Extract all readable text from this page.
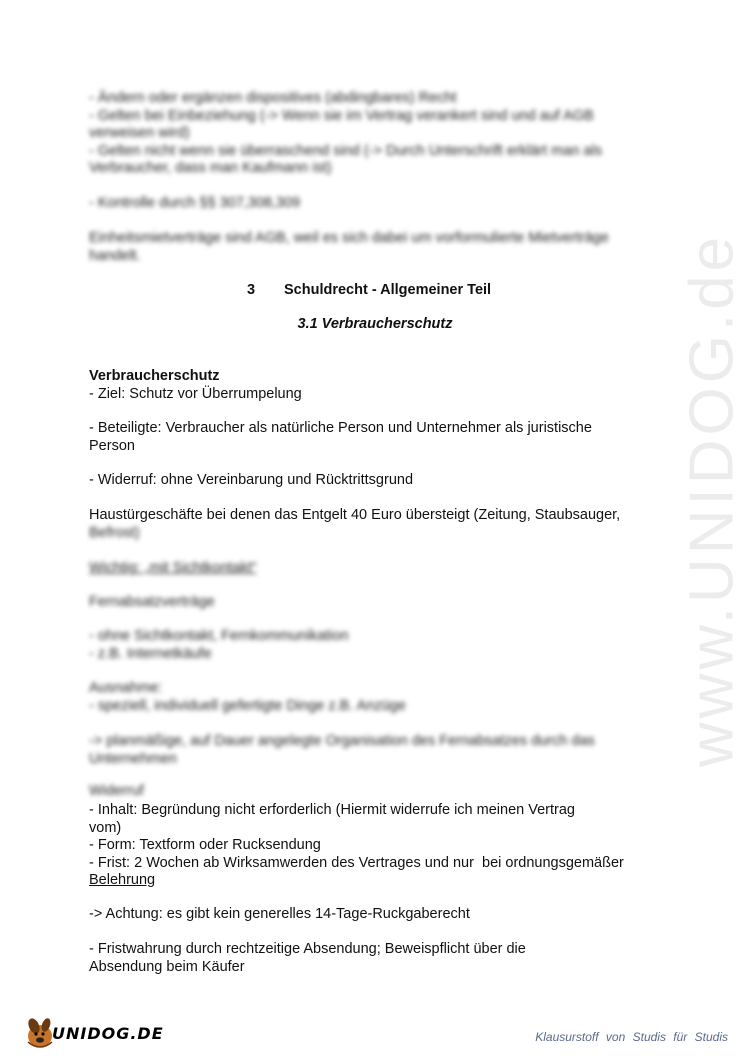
www.UNIDOG.de

- Ändern oder ergänzen dispositives (abdingbares) Recht

- Gelten bei Einbeziehung (-> Wenn sie im Vertrag verankert sind und auf AGB

verweisen wird)

- Gelten nicht wenn sie überraschend sind (-> Durch Unterschrift erklärt man als

Verbraucher, dass man Kaufmann ist)

- Kontrolle durch §§ 307,308,309

Einheitsmietverträge sind AGB, weil es sich dabei um vorformulierte Mietverträge

handelt.

3 Schuldrecht - Allgemeiner Teil
3.1 Verbraucherschutz

Verbraucherschutz

- Ziel: Schutz vor Überrumpelung

- Beteiligte: Verbraucher als natürliche Person und Unternehmer als juristische

Person

- Widerruf: ohne Vereinbarung und Rücktrittsgrund

Haustürgeschäfte bei denen das Entgelt 40 Euro übersteigt (Zeitung, Staubsauger,

Befrost)

Wichtig: „mit Sichtkontakt“

Fernabsatzverträge

- ohne Sichtkontakt, Fernkommunikation

- z.B. Internetkäufe

Ausnahme:

- speziell, individuell gefertigte Dinge z.B. Anzüge

-> planmäßige, auf Dauer angelegte Organisation des Fernabsatzes durch das

Unternehmen

Widerruf

- Inhalt: Begründung nicht erforderlich (Hiermit widerrufe ich meinen Vertrag

vom)

- Form: Textform oder Rucksendung

- Frist: 2 Wochen ab Wirksamwerden des Vertrages und nur  bei ordnungsgemäßer

Belehrung

-> Achtung: es gibt kein generelles 14-Tage-Ruckgaberecht

- Fristwahrung durch rechtzeitige Absendung; Beweispflicht über die

Absendung beim Käufer

UNIDOG.DE	Klausurstoff von Studis für Studis
